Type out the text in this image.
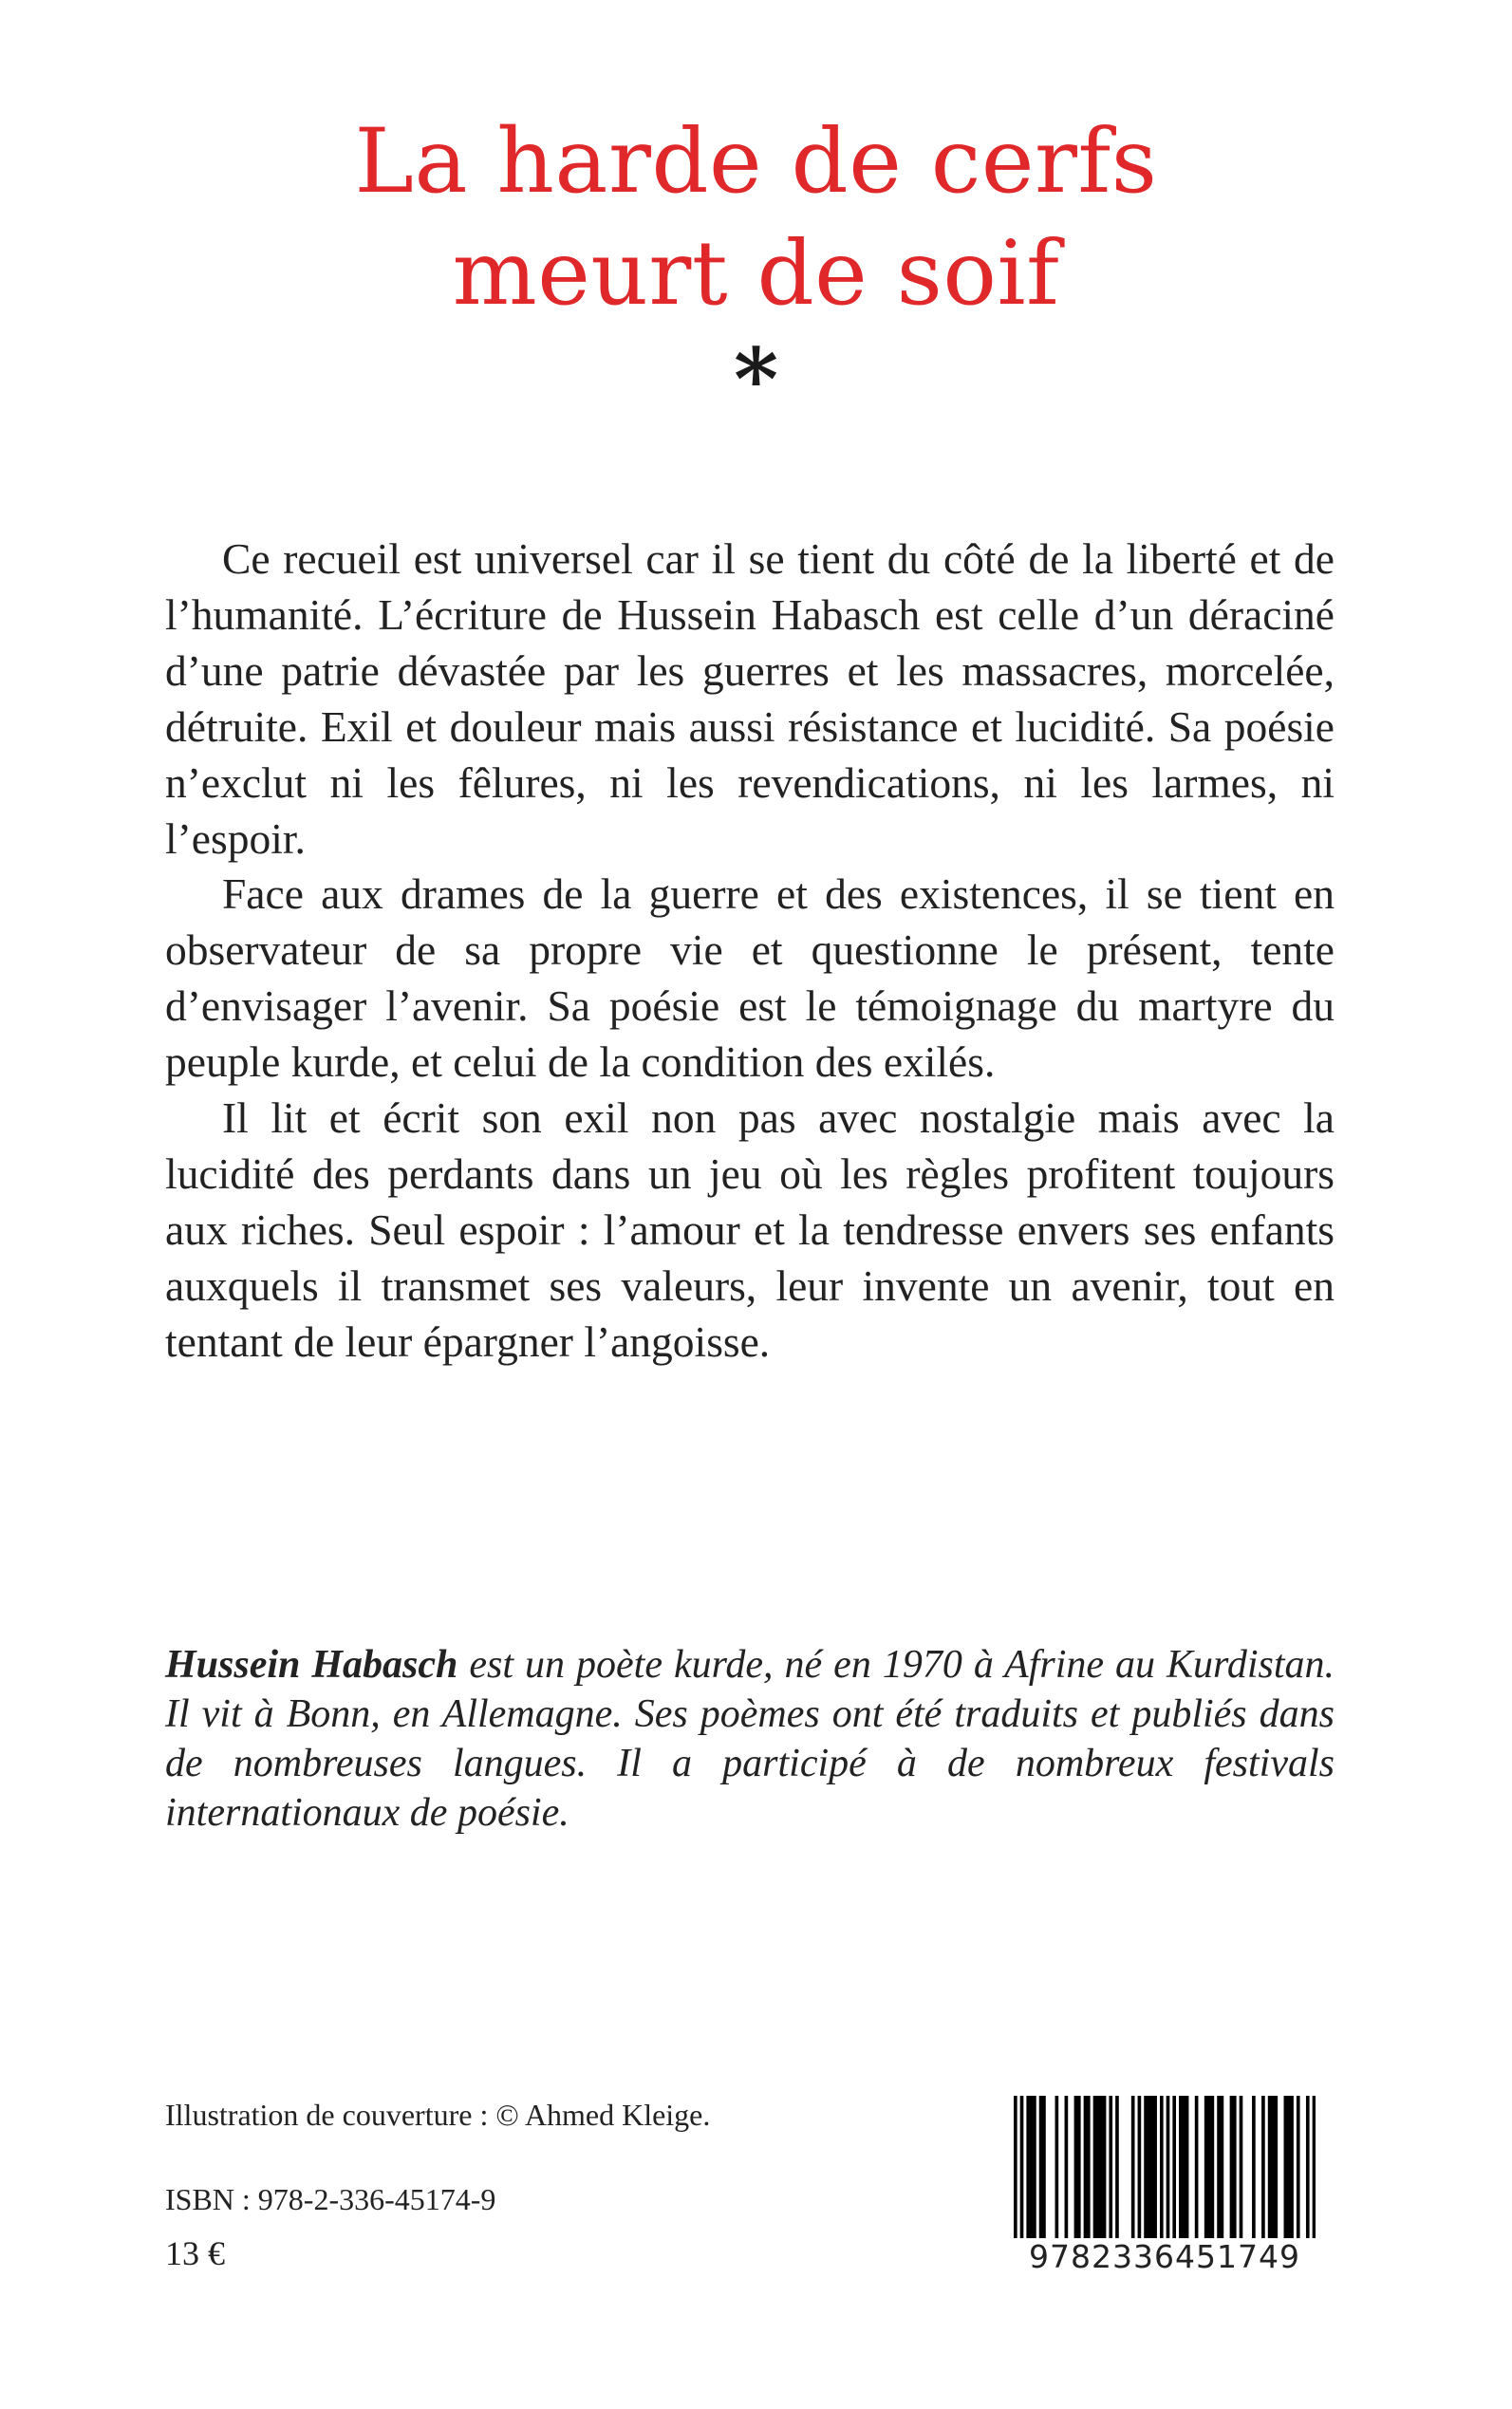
La harde de cerfs
meurt de soif
*

Ce recueil est universel car il se tient du côté de la liberté et de l’humanité. L’écriture de Hussein Habasch est celle d’un déraciné d’une patrie dévastée par les guerres et les massacres, morcelée, détruite. Exil et douleur mais aussi résistance et lucidité. Sa poésie n’exclut ni les fêlures, ni les revendications, ni les larmes, ni l’espoir.

Face aux drames de la guerre et des existences, il se tient en observateur de sa propre vie et questionne le présent, tente d’envisager l’avenir. Sa poésie est le témoignage du martyre du peuple kurde, et celui de la condition des exilés.

Il lit et écrit son exil non pas avec nostalgie mais avec la lucidité des perdants dans un jeu où les règles profitent toujours aux riches. Seul espoir : l’amour et la tendresse envers ses enfants auxquels il transmet ses valeurs, leur invente un avenir, tout en tentant de leur épargner l’angoisse.

Hussein Habasch est un poète kurde, né en 1970 à Afrine au Kurdistan. Il vit à Bonn, en Allemagne. Ses poèmes ont été traduits et publiés dans de nombreuses langues. Il a participé à de nombreux festivals internationaux de poésie.

Illustration de couverture : © Ahmed Kleige.
ISBN : 978-2-336-45174-9
13 €	9782336451749
